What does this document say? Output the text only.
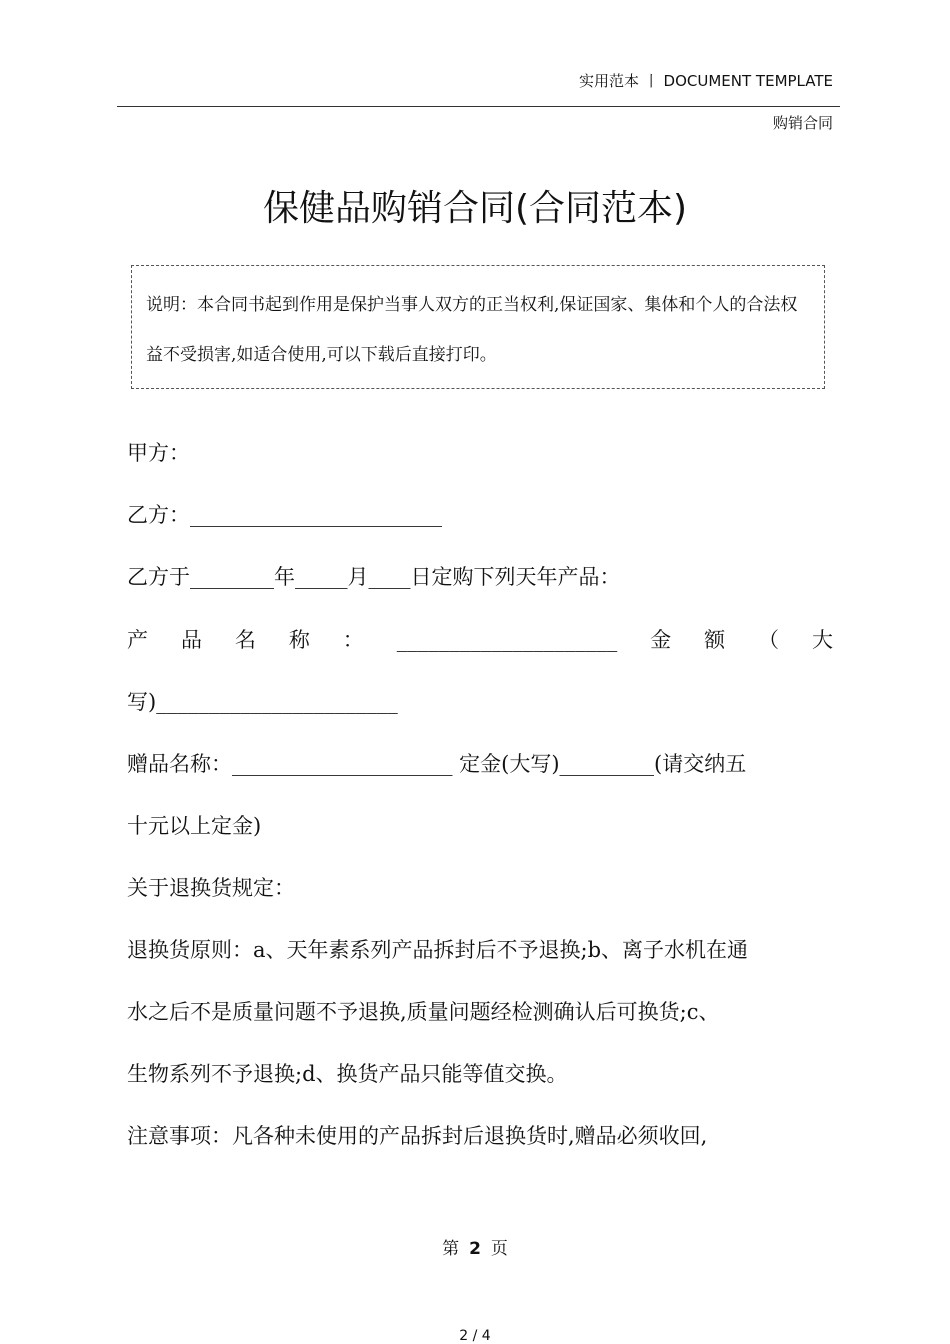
实用范本 丨 DOCUMENT TEMPLATE
购销合同
保健品购销合同(合同范本)
说明：本合同书起到作用是保护当事人双方的正当权利,保证国家、集体和个人的合法权益不受损害,如适合使用,可以下载后直接打印。
甲方：
乙方：________________________
乙方于________年_____月____日定购下列天年产品：
产 品 名 称 ： _____________________ 金 额 （ 大
写)_______________________
赠品名称：_____________________ 定金(大写)_________(请交纳五
十元以上定金)
关于退换货规定：
退换货原则：a、天年素系列产品拆封后不予退换;b、离子水机在通
水之后不是质量问题不予退换,质量问题经检测确认后可换货;c、
生物系列不予退换;d、换货产品只能等值交换。
注意事项：凡各种未使用的产品拆封后退换货时,赠品必须收回,
第 2 页
2 / 4
